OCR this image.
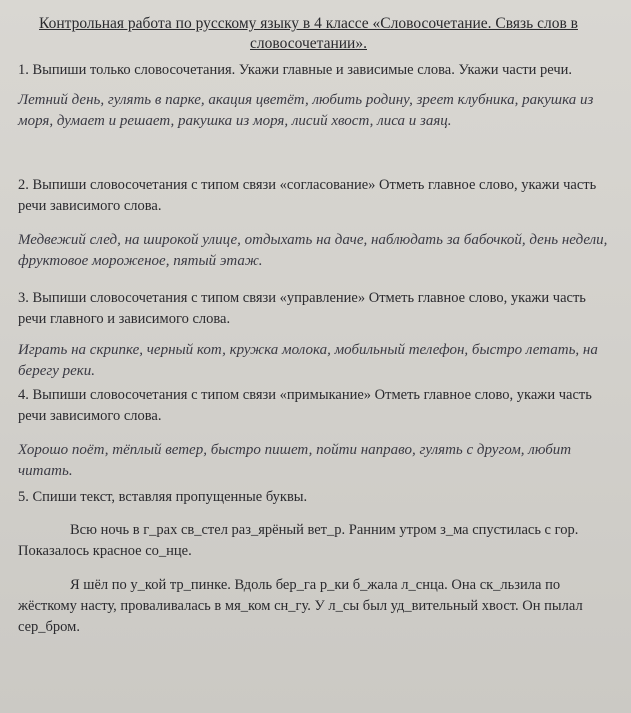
Контрольная работа по русскому языку в 4 классе «Словосочетание. Связь слов в
словосочетании».

1. Выпиши только словосочетания. Укажи главные и зависимые слова. Укажи части речи.

Летний день, гулять в парке, акация цветёт, любить родину, зреет клубника, ракушка из моря, думает и решает, ракушка из моря, лисий хвост, лиса и заяц.

2. Выпиши словосочетания с типом связи «согласование» Отметь главное слово, укажи часть речи зависимого слова.

Медвежий след, на широкой улице, отдыхать на даче, наблюдать за бабочкой, день недели, фруктовое мороженое, пятый этаж.

3. Выпиши словосочетания с типом связи «управление» Отметь главное слово, укажи часть речи главного и зависимого слова.

Играть на скрипке, черный кот, кружка молока, мобильный телефон, быстро летать, на берегу реки.

4. Выпиши словосочетания с типом связи «примыкание» Отметь главное слово, укажи часть речи зависимого слова.

Хорошо поёт, тёплый ветер, быстро пишет, пойти направо, гулять с другом, любит читать.

5. Спиши текст, вставляя пропущенные буквы.

Всю ночь в г_рах св_стел раз_ярёный вет_р. Ранним утром з_ма спустилась с гор. Показалось красное со_нце.

Я шёл по у_кой тр_пинке. Вдоль бер_га р_ки б_жала л_снца. Она ск_льзила по жёсткому насту, проваливалась в мя_ком сн_гу. У л_сы был уд_вительный хвост. Он пылал сер_бром.
